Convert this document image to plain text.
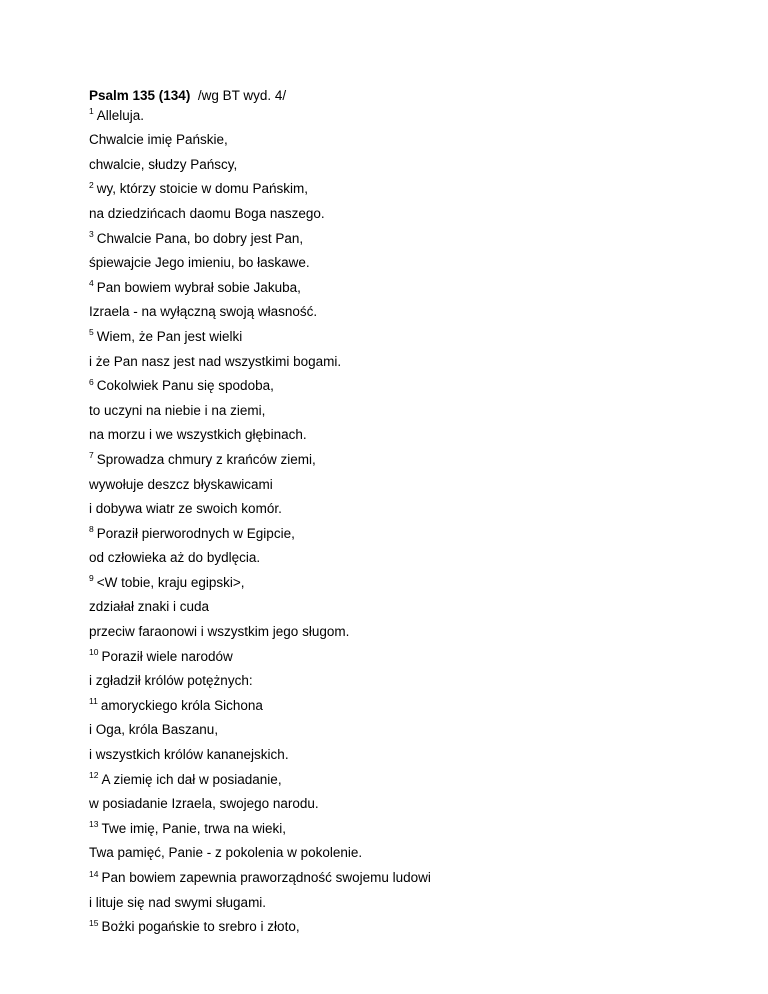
Psalm 135 (134) /wg BT wyd. 4/
$^1$ Alleluja.
Chwalcie imię Pańskie,
chwalcie, słudzy Pańscy,
$^2$ wy, którzy stoicie w domu Pańskim,
na dziedzińcach daomu Boga naszego.
$^3$ Chwalcie Pana, bo dobry jest Pan,
śpiewajcie Jego imieniu, bo łaskawe.
$^4$ Pan bowiem wybrał sobie Jakuba,
Izraela - na wyłączną swoją własność.
$^5$ Wiem, że Pan jest wielki
i że Pan nasz jest nad wszystkimi bogami.
$^6$ Cokolwiek Panu się spodoba,
to uczyni na niebie i na ziemi,
na morzu i we wszystkich głębinach.
$^7$ Sprowadza chmury z krańców ziemi,
wywołuje deszcz błyskawicami
i dobywa wiatr ze swoich komór.
$^8$ Poraził pierworodnych w Egipcie,
od człowieka aż do bydlęcia.
$^9$ <W tobie, kraju egipski>,
zdziałał znaki i cuda
przeciw faraonowi i wszystkim jego sługom.
$^{10}$ Poraził wiele narodów
i zgładził królów potężnych:
$^{11}$ amoryckiego króla Sichona
i Oga, króla Baszanu,
i wszystkich królów kananejskich.
$^{12}$ A ziemię ich dał w posiadanie,
w posiadanie Izraela, swojego narodu.
$^{13}$ Twe imię, Panie, trwa na wieki,
Twa pamięć, Panie - z pokolenia w pokolenie.
$^{14}$ Pan bowiem zapewnia praworządność swojemu ludowi
i lituje się nad swymi sługami.
$^{15}$ Bożki pogańskie to srebro i złoto,
